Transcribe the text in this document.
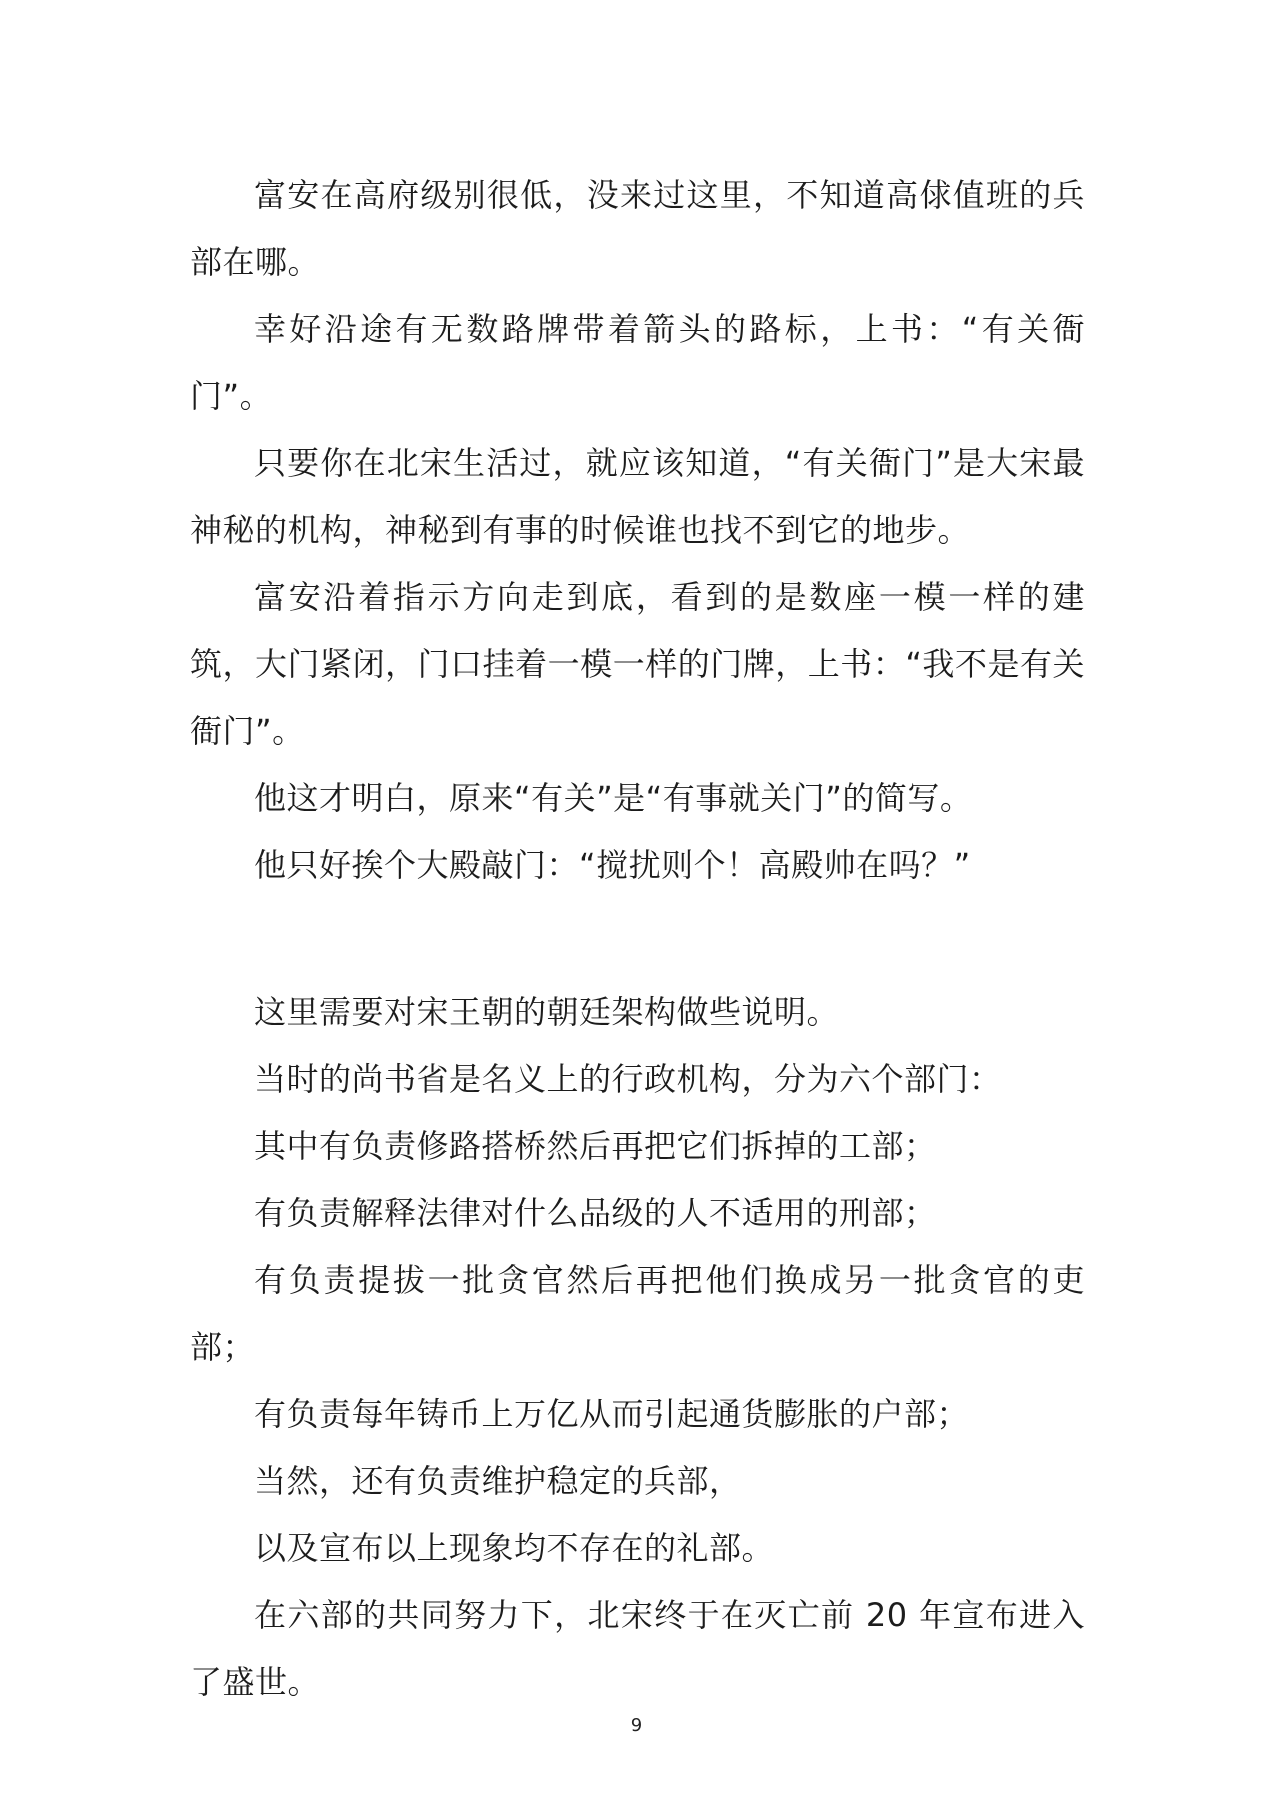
富安在高府级别很低，没来过这里，不知道高俅值班的兵部在哪。

幸好沿途有无数路牌带着箭头的路标，上书：“有关衙门”。

只要你在北宋生活过，就应该知道，“有关衙门”是大宋最神秘的机构，神秘到有事的时候谁也找不到它的地步。

富安沿着指示方向走到底，看到的是数座一模一样的建筑，大门紧闭，门口挂着一模一样的门牌，上书：“我不是有关衙门”。

他这才明白，原来“有关”是“有事就关门”的简写。

他只好挨个大殿敲门：“搅扰则个！高殿帅在吗？”

这里需要对宋王朝的朝廷架构做些说明。

当时的尚书省是名义上的行政机构，分为六个部门：

其中有负责修路搭桥然后再把它们拆掉的工部；

有负责解释法律对什么品级的人不适用的刑部；

有负责提拔一批贪官然后再把他们换成另一批贪官的吏部；

有负责每年铸币上万亿从而引起通货膨胀的户部；

当然，还有负责维护稳定的兵部，

以及宣布以上现象均不存在的礼部。

在六部的共同努力下，北宋终于在灭亡前 20 年宣布进入了盛世。

9
